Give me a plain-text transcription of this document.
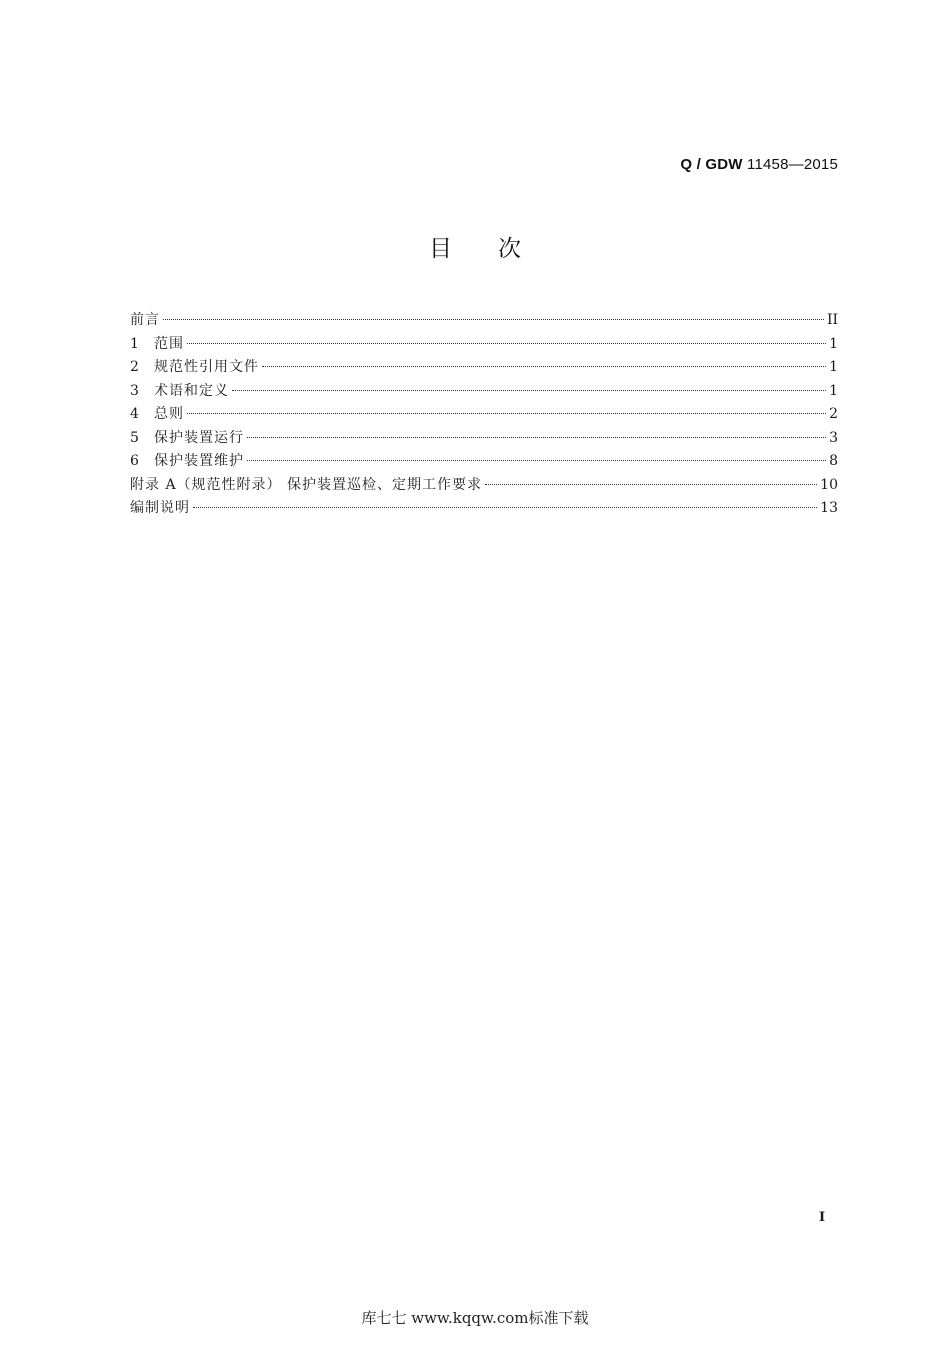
Q / GDW 11458—2015
目 次
前言	II
1	范围	1
2	规范性引用文件	1
3	术语和定义	1
4	总则	2
5	保护装置运行	3
6	保护装置维护	8
附录 A（规范性附录） 保护装置巡检、定期工作要求	10
编制说明	13
I
库七七 www.kqqw.com标准下载
